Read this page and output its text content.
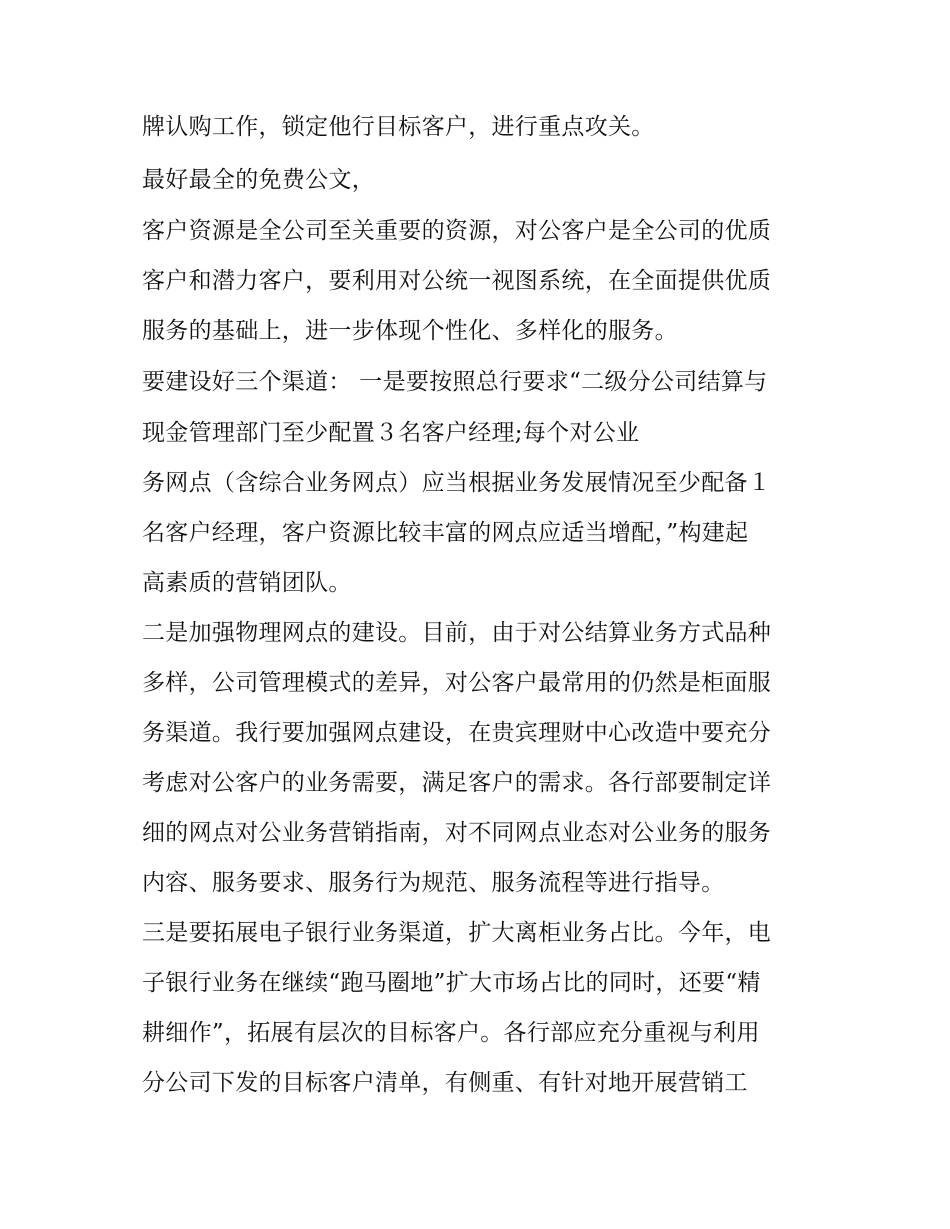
牌认购工作，锁定他行目标客户，进行重点攻关。
最好最全的免费公文，
客户资源是全公司至关重要的资源，对公客户是全公司的优质
客户和潜力客户，要利用对公统一视图系统，在全面提供优质
服务的基础上，进一步体现个性化、多样化的服务。
要建设好三个渠道： 一是要按照总行要求“二级分公司结算与
现金管理部门至少配置３名客户经理;每个对公业
务网点（含综合业务网点）应当根据业务发展情况至少配备１
名客户经理，客户资源比较丰富的网点应适当增配，”构建起
高素质的营销团队。
二是加强物理网点的建设。目前，由于对公结算业务方式品种
多样，公司管理模式的差异，对公客户最常用的仍然是柜面服
务渠道。我行要加强网点建设，在贵宾理财中心改造中要充分
考虑对公客户的业务需要，满足客户的需求。各行部要制定详
细的网点对公业务营销指南，对不同网点业态对公业务的服务
内容、服务要求、服务行为规范、服务流程等进行指导。
三是要拓展电子银行业务渠道，扩大离柜业务占比。今年，电
子银行业务在继续“跑马圈地”扩大市场占比的同时，还要“精
耕细作”，拓展有层次的目标客户。各行部应充分重视与利用
分公司下发的目标客户清单，有侧重、有针对地开展营销工
